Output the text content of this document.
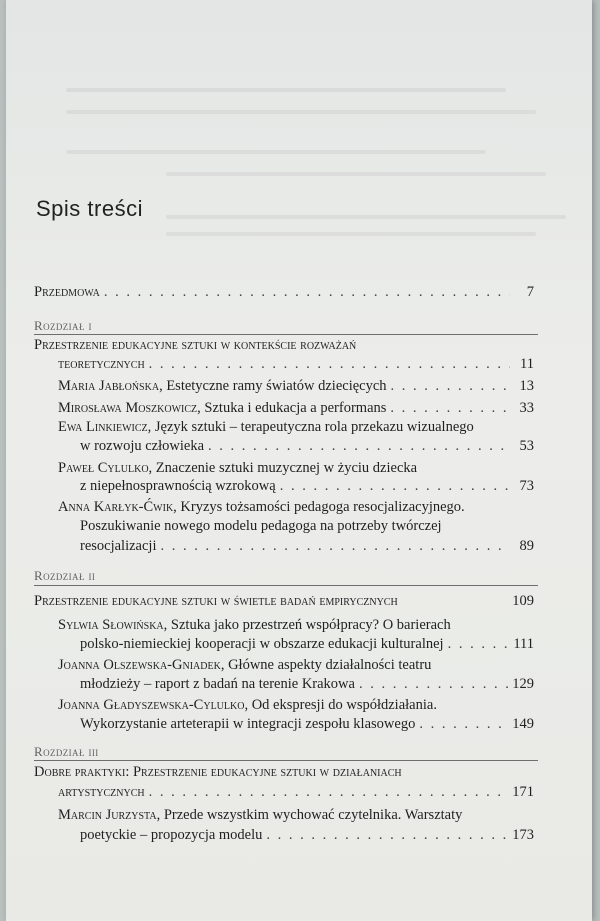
Spis treści
Przedmowa . . .	7
Rozdział i
Przestrzenie edukacyjne sztuki w kontekście rozważań
teoretycznych . . .	11
Maria Jabłońska, Estetyczne ramy światów dziecięcych . . .	13
Mirosława Moszkowicz, Sztuka i edukacja a performans . . .	33
Ewa Linkiewicz, Język sztuki – terapeutyczna rola przekazu wizualnego
w rozwoju człowieka . . .	53
Paweł Cylulko, Znaczenie sztuki muzycznej w życiu dziecka
z niepełnosprawnością wzrokową . . .	73
Anna Karłyk-Ćwik, Kryzys tożsamości pedagoga resocjalizacyjnego.
Poszukiwanie nowego modelu pedagoga na potrzeby twórczej
resocjalizacji . . .	89
Rozdział ii
Przestrzenie edukacyjne sztuki w świetle badań empirycznych	109
Sylwia Słowińska, Sztuka jako przestrzeń współpracy? O barierach
polsko-niemieckiej kooperacji w obszarze edukacji kulturalnej . . .	111
Joanna Olszewska-Gniadek, Główne aspekty działalności teatru
młodzieży – raport z badań na terenie Krakowa . . .	129
Joanna Gładyszewska-Cylulko, Od ekspresji do współdziałania.
Wykorzystanie arteterapii w integracji zespołu klasowego . . .	149
Rozdział iii
Dobre praktyki: Przestrzenie edukacyjne sztuki w działaniach
artystycznych . . .	171
Marcin Jurzysta, Przede wszystkim wychować czytelnika. Warsztaty
poetyckie – propozycja modelu . . .	173
